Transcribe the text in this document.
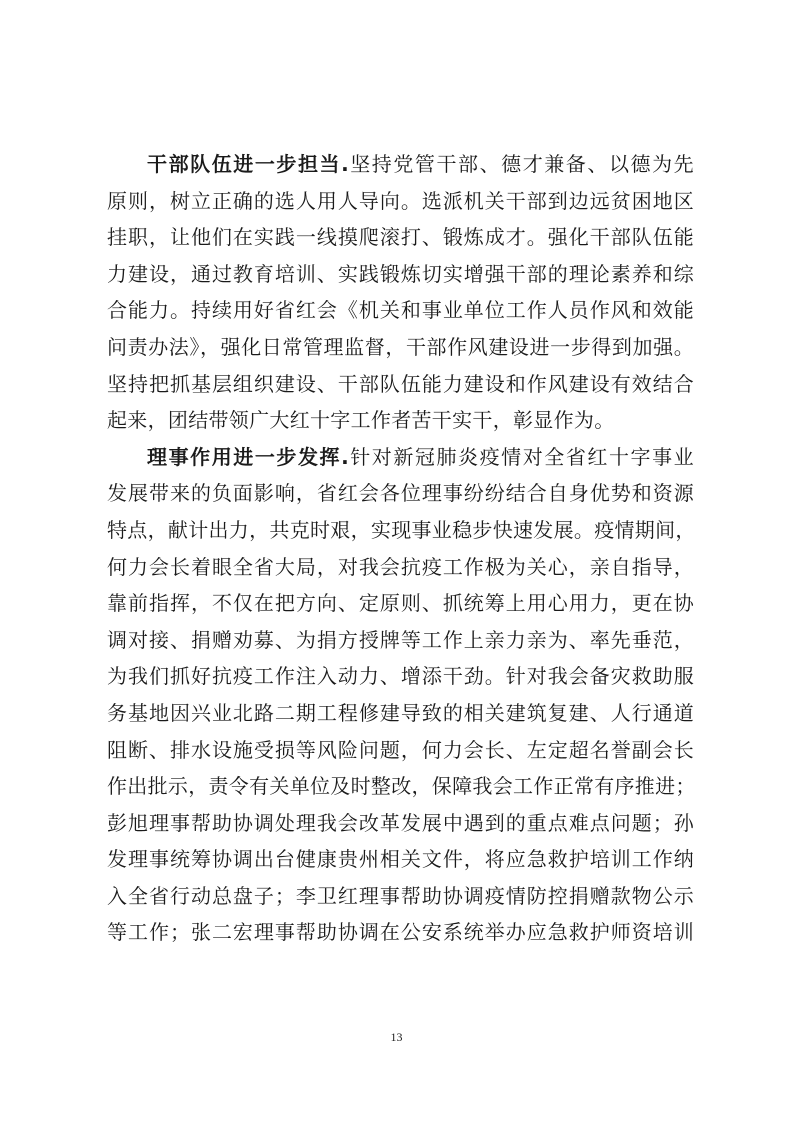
干部队伍进一步担当.坚持党管干部、德才兼备、以德为先
原则，树立正确的选人用人导向。选派机关干部到边远贫困地区
挂职，让他们在实践一线摸爬滚打、锻炼成才。强化干部队伍能
力建设，通过教育培训、实践锻炼切实增强干部的理论素养和综
合能力。持续用好省红会《机关和事业单位工作人员作风和效能
问责办法》，强化日常管理监督，干部作风建设进一步得到加强。
坚持把抓基层组织建设、干部队伍能力建设和作风建设有效结合
起来，团结带领广大红十字工作者苦干实干，彰显作为。
理事作用进一步发挥.针对新冠肺炎疫情对全省红十字事业
发展带来的负面影响，省红会各位理事纷纷结合自身优势和资源
特点，献计出力，共克时艰，实现事业稳步快速发展。疫情期间，
何力会长着眼全省大局，对我会抗疫工作极为关心，亲自指导，
靠前指挥，不仅在把方向、定原则、抓统筹上用心用力，更在协
调对接、捐赠劝募、为捐方授牌等工作上亲力亲为、率先垂范，
为我们抓好抗疫工作注入动力、增添干劲。针对我会备灾救助服
务基地因兴业北路二期工程修建导致的相关建筑复建、人行通道
阻断、排水设施受损等风险问题，何力会长、左定超名誉副会长
作出批示，责令有关单位及时整改，保障我会工作正常有序推进；
彭旭理事帮助协调处理我会改革发展中遇到的重点难点问题；孙
发理事统筹协调出台健康贵州相关文件，将应急救护培训工作纳
入全省行动总盘子；李卫红理事帮助协调疫情防控捐赠款物公示
等工作；张二宏理事帮助协调在公安系统举办应急救护师资培训
13
